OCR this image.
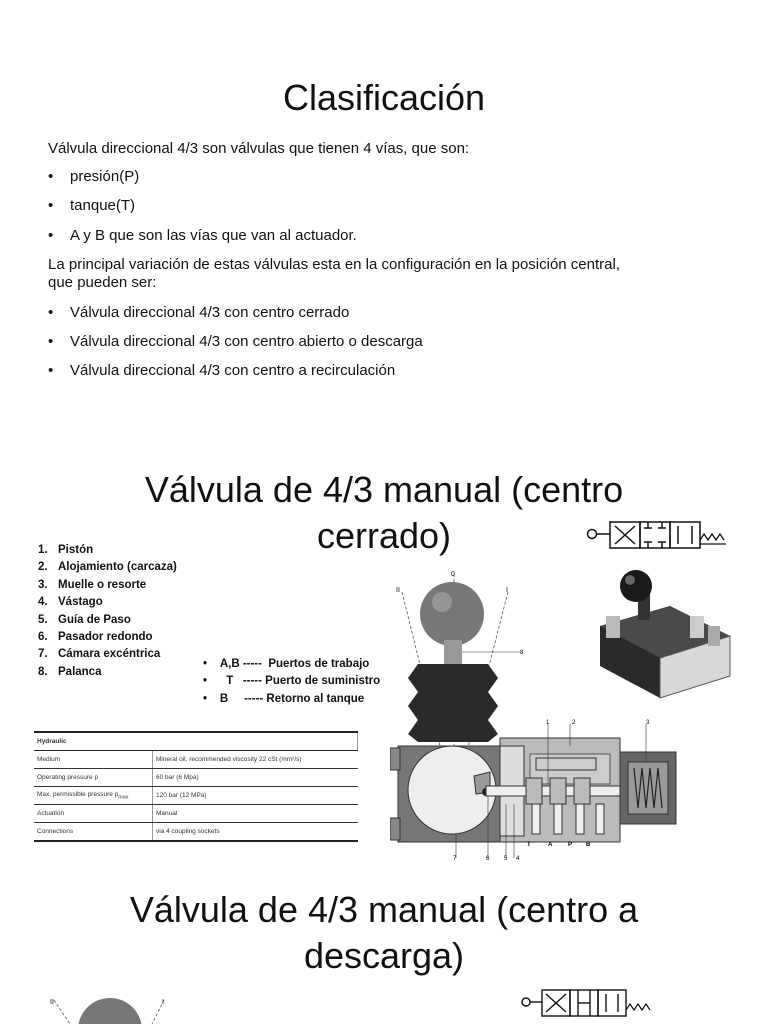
Clasificación
Válvula direccional 4/3 son válvulas que tienen 4 vías, que son:
• presión(P)
• tanque(T)
• A y B que son las vías que van al actuador.
La principal variación de estas válvulas esta en la configuración en la posición central,
que pueden ser:
• Válvula direccional 4/3 con centro cerrado
• Válvula direccional 4/3 con centro abierto o descarga
• Válvula direccional 4/3 con centro a recirculación
Válvula de 4/3 manual (centro
cerrado)
1. Pistón
2. Alojamiento (carcaza)
3. Muelle o resorte
4. Vástago
5. Guía de Paso
6. Pasador redondo
7. Cámara excéntrica
8. Palanca
• A,B -----  Puertos de trabajo
•      T   ----- Puerto de suministro
• B     ----- Retorno al tanque
0
II	I
8
1	2	3
7	6 5 4
T	A	P B
Hydraulic	
Medium	Mineral oil, recommended viscosity 22 cSt (mm²/s)
Operating pressure p	60 bar (6 Mpa)
Max. permissible pressure $p_{max}$	120 bar (12 MPa)
Actuation	Manual
Connections	via 4 coupling sockets
Válvula de 4/3 manual (centro a
descarga)
II	I
